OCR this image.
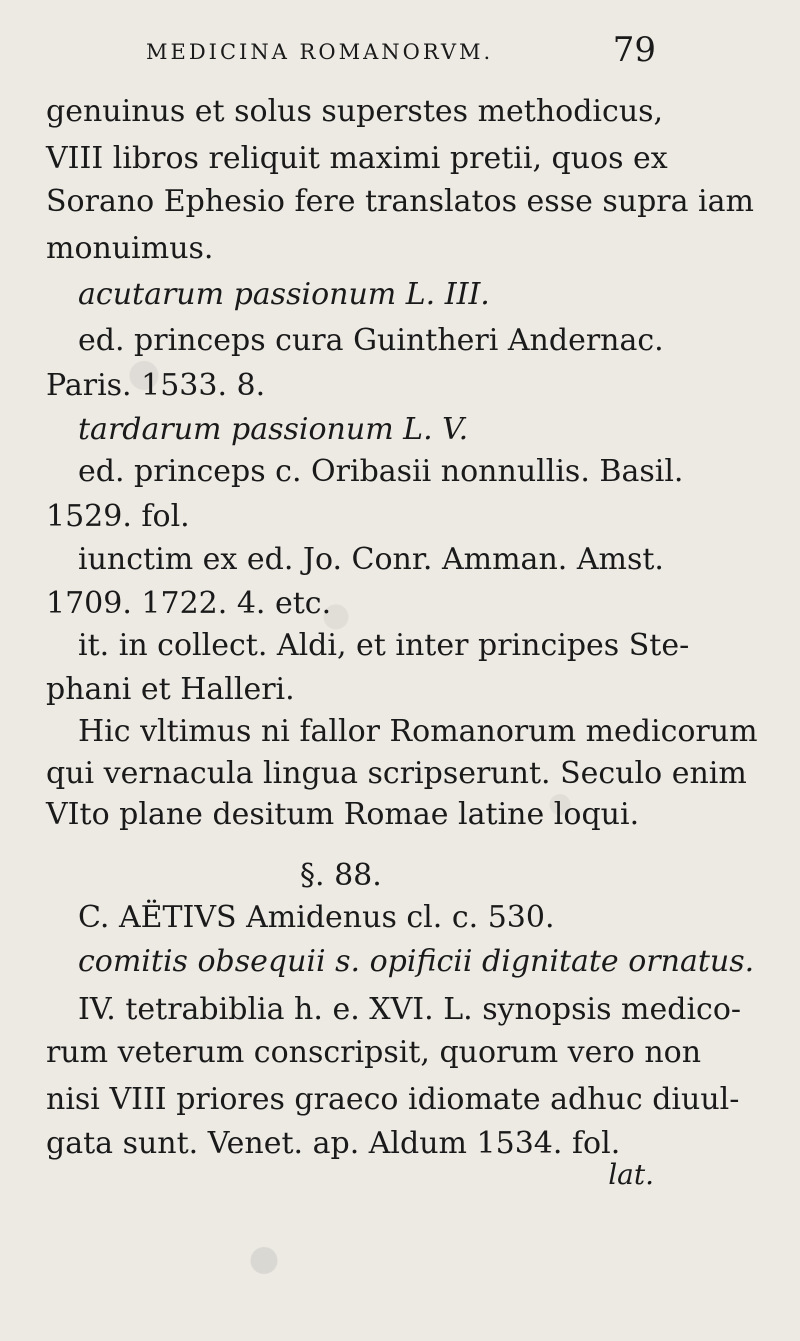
MEDICINA ROMANORVM.	79
genuinus et solus superstes methodicus,
VIII libros reliquit maximi pretii, quos ex
Sorano Ephesio fere translatos esse supra iam
monuimus.
acutarum passionum L. III.
ed. princeps cura Guintheri Andernac.
Paris. 1533. 8.
tardarum passionum L. V.
ed. princeps c. Oribasii nonnullis. Basil.
1529. fol.
iunctim ex ed. Jo. Conr. Amman. Amst.
1709. 1722. 4. etc.
it. in collect. Aldi, et inter principes Ste-
phani et Halleri.
Hic vltimus ni fallor Romanorum medicorum
qui vernacula lingua scripserunt. Seculo enim
VIto plane desitum Romae latine loqui.
§. 88.
C. AËTIVS Amidenus cl. c. 530.
comitis obsequii s. opificii dignitate ornatus.
IV. tetrabiblia h. e. XVI. L. synopsis medico-
rum veterum conscripsit, quorum vero non
nisi VIII priores graeco idiomate adhuc diuul-
gata sunt. Venet. ap. Aldum 1534. fol.
lat.
